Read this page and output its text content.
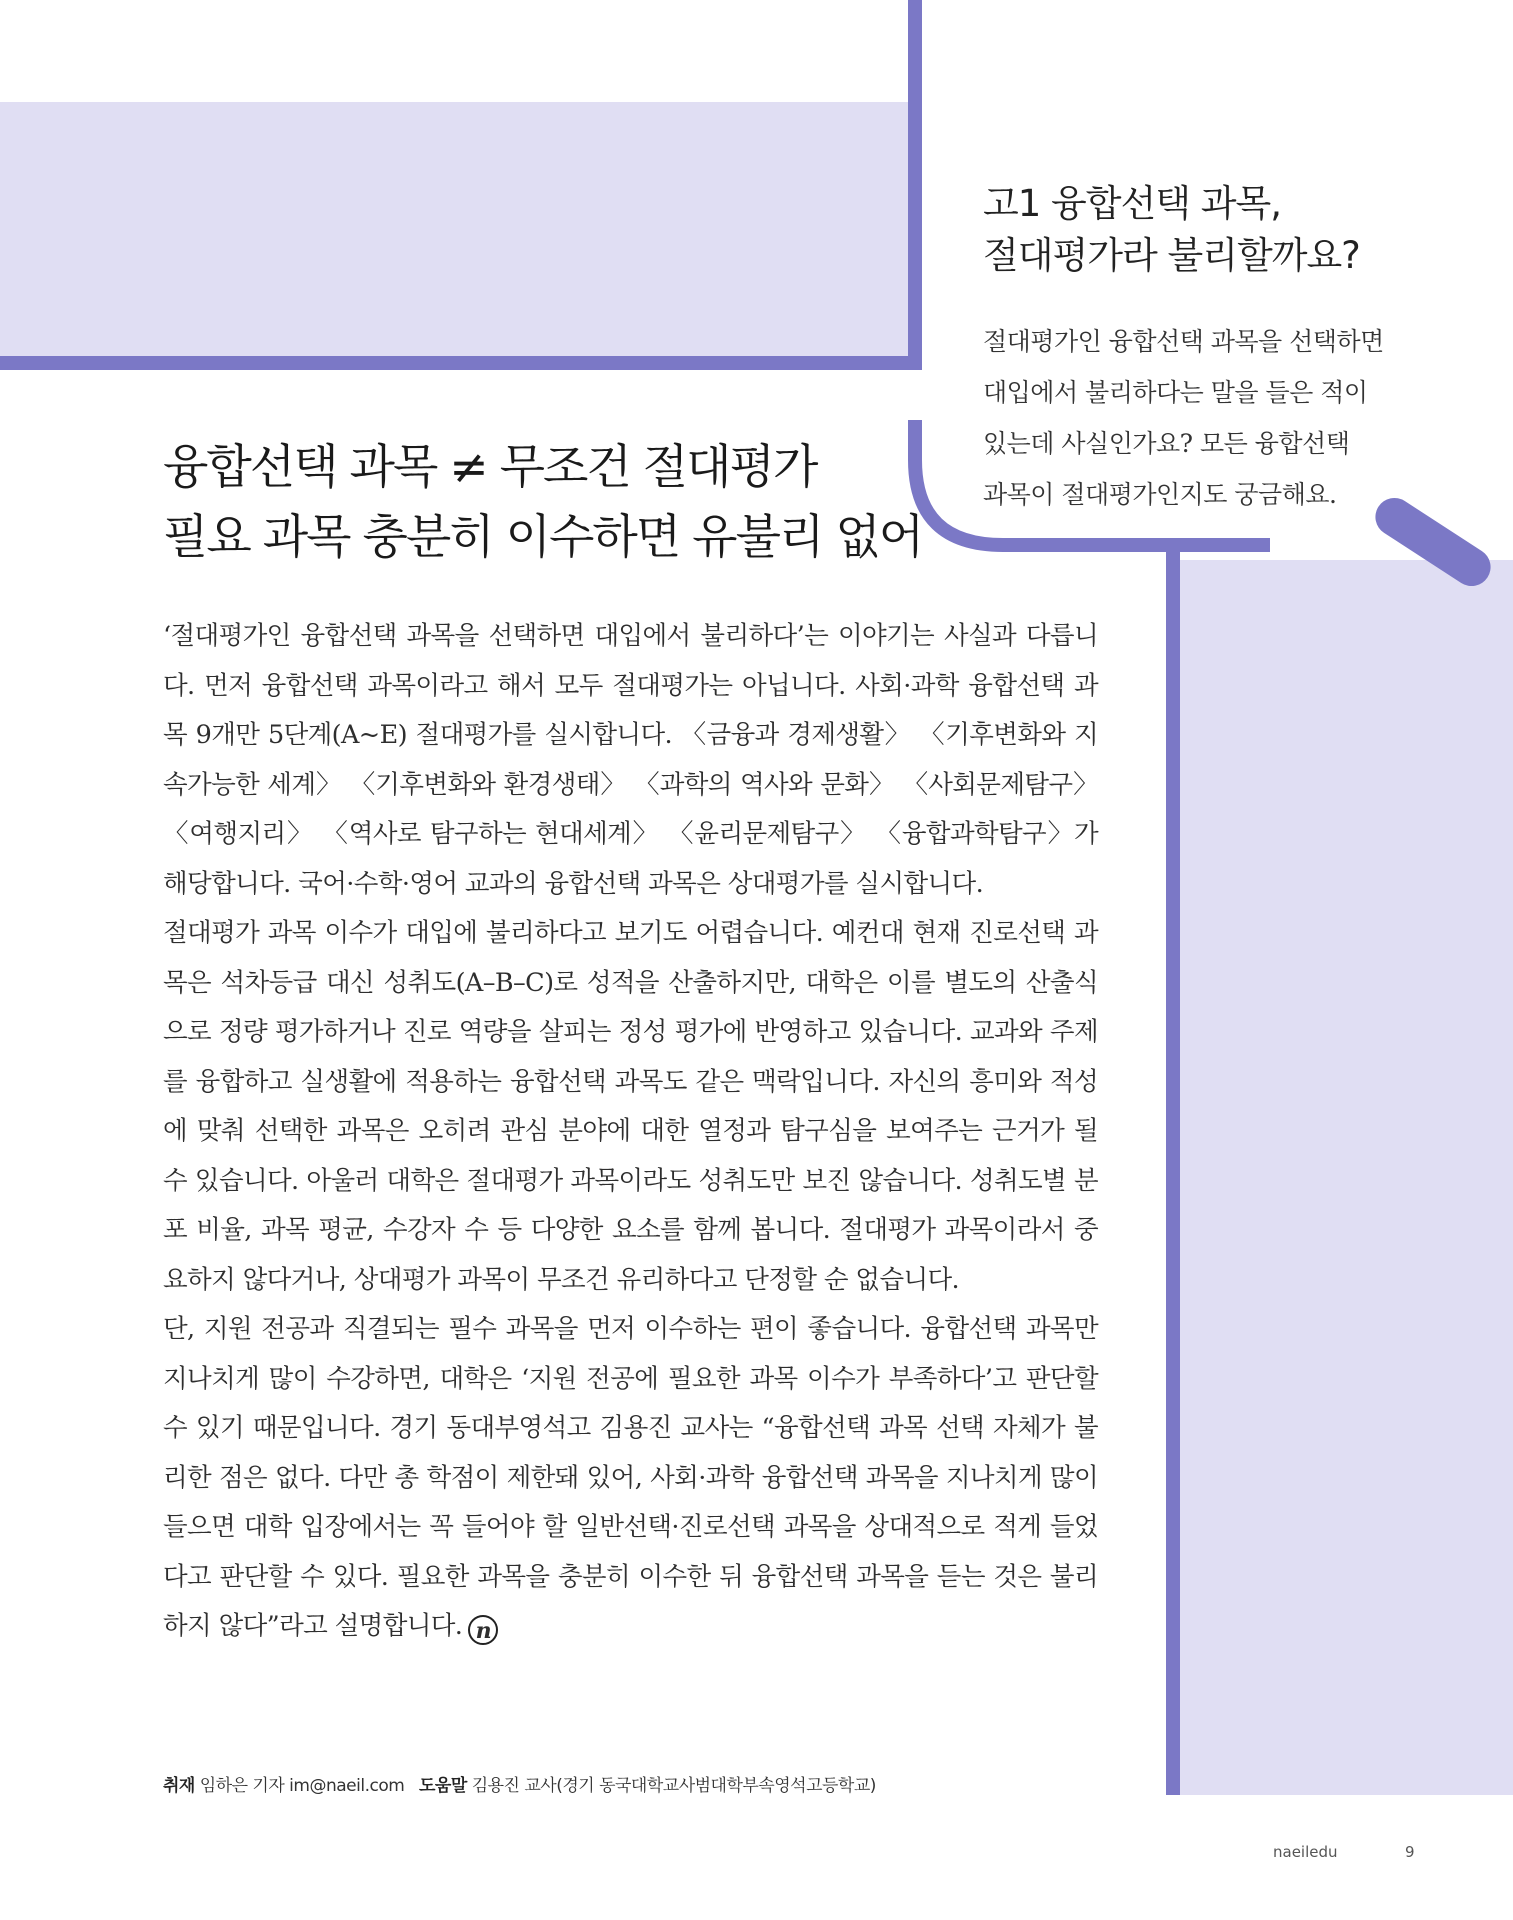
고1 융합선택 과목,
절대평가라 불리할까요?
절대평가인 융합선택 과목을 선택하면
대입에서 불리하다는 말을 들은 적이
있는데 사실인가요? 모든 융합선택
과목이 절대평가인지도 궁금해요.
융합선택 과목 ≠ 무조건 절대평가
필요 과목 충분히 이수하면 유불리 없어

‘절대평가인 융합선택 과목을 선택하면 대입에서 불리하다’는 이야기는 사실과 다릅니다. 먼저 융합선택 과목이라고 해서 모두 절대평가는 아닙니다. 사회·과학 융합선택 과목 9개만 5단계(A~E) 절대평가를 실시합니다. 〈금융과 경제생활〉 〈기후변화와 지속가능한 세계〉 〈기후변화와 환경생태〉 〈과학의 역사와 문화〉 〈사회문제탐구〉 〈여행지리〉 〈역사로 탐구하는 현대세계〉 〈윤리문제탐구〉 〈융합과학탐구〉가 해당합니다. 국어·수학·영어 교과의 융합선택 과목은 상대평가를 실시합니다.

절대평가 과목 이수가 대입에 불리하다고 보기도 어렵습니다. 예컨대 현재 진로선택 과목은 석차등급 대신 성취도(A–B–C)로 성적을 산출하지만, 대학은 이를 별도의 산출식으로 정량 평가하거나 진로 역량을 살피는 정성 평가에 반영하고 있습니다. 교과와 주제를 융합하고 실생활에 적용하는 융합선택 과목도 같은 맥락입니다. 자신의 흥미와 적성에 맞춰 선택한 과목은 오히려 관심 분야에 대한 열정과 탐구심을 보여주는 근거가 될 수 있습니다. 아울러 대학은 절대평가 과목이라도 성취도만 보진 않습니다. 성취도별 분포 비율, 과목 평균, 수강자 수 등 다양한 요소를 함께 봅니다. 절대평가 과목이라서 중요하지 않다거나, 상대평가 과목이 무조건 유리하다고 단정할 순 없습니다.

단, 지원 전공과 직결되는 필수 과목을 먼저 이수하는 편이 좋습니다. 융합선택 과목만 지나치게 많이 수강하면, 대학은 ‘지원 전공에 필요한 과목 이수가 부족하다’고 판단할 수 있기 때문입니다. 경기 동대부영석고 김용진 교사는 “융합선택 과목 선택 자체가 불리한 점은 없다. 다만 총 학점이 제한돼 있어, 사회·과학 융합선택 과목을 지나치게 많이 들으면 대학 입장에서는 꼭 들어야 할 일반선택·진로선택 과목을 상대적으로 적게 들었다고 판단할 수 있다. 필요한 과목을 충분히 이수한 뒤 융합선택 과목을 듣는 것은 불리하지 않다”라고 설명합니다. n

취재 임하은 기자 im@naeil.com 도움말 김용진 교사(경기 동국대학교사범대학부속영석고등학교)
naeiledu	9
